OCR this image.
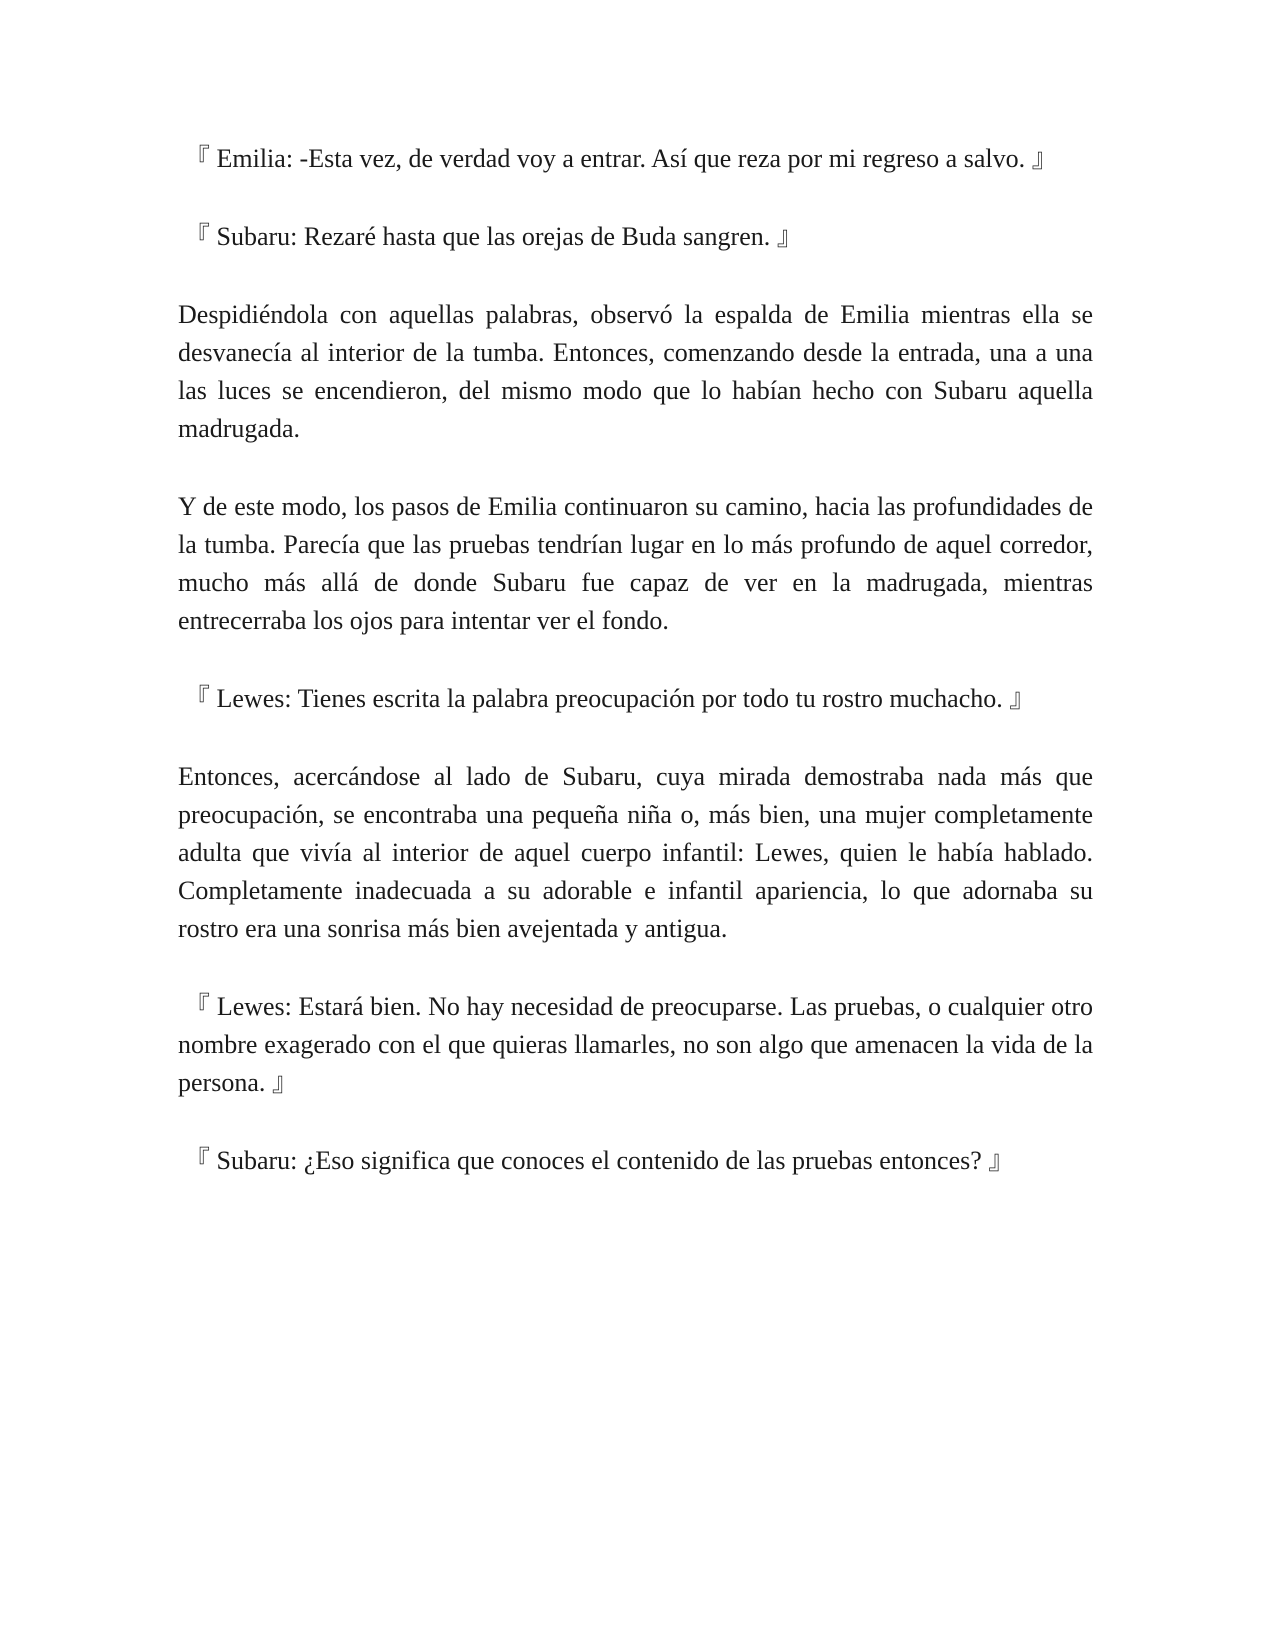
『 Emilia: -Esta vez, de verdad voy a entrar. Así que reza por mi regreso a salvo. 』

『 Subaru: Rezaré hasta que las orejas de Buda sangren. 』

Despidiéndola con aquellas palabras, observó la espalda de Emilia mientras ella se desvanecía al interior de la tumba. Entonces, comenzando desde la entrada, una a una las luces se encendieron, del mismo modo que lo habían hecho con Subaru aquella madrugada.

Y de este modo, los pasos de Emilia continuaron su camino, hacia las profundidades de la tumba. Parecía que las pruebas tendrían lugar en lo más profundo de aquel corredor, mucho más allá de donde Subaru fue capaz de ver en la madrugada, mientras entrecerraba los ojos para intentar ver el fondo.

『 Lewes: Tienes escrita la palabra preocupación por todo tu rostro muchacho. 』

Entonces, acercándose al lado de Subaru, cuya mirada demostraba nada más que preocupación, se encontraba una pequeña niña o, más bien, una mujer completamente adulta que vivía al interior de aquel cuerpo infantil: Lewes, quien le había hablado. Completamente inadecuada a su adorable e infantil apariencia, lo que adornaba su rostro era una sonrisa más bien avejentada y antigua.

『 Lewes: Estará bien. No hay necesidad de preocuparse. Las pruebas, o cualquier otro nombre exagerado con el que quieras llamarles, no son algo que amenacen la vida de la persona. 』

『 Subaru: ¿Eso significa que conoces el contenido de las pruebas entonces? 』
